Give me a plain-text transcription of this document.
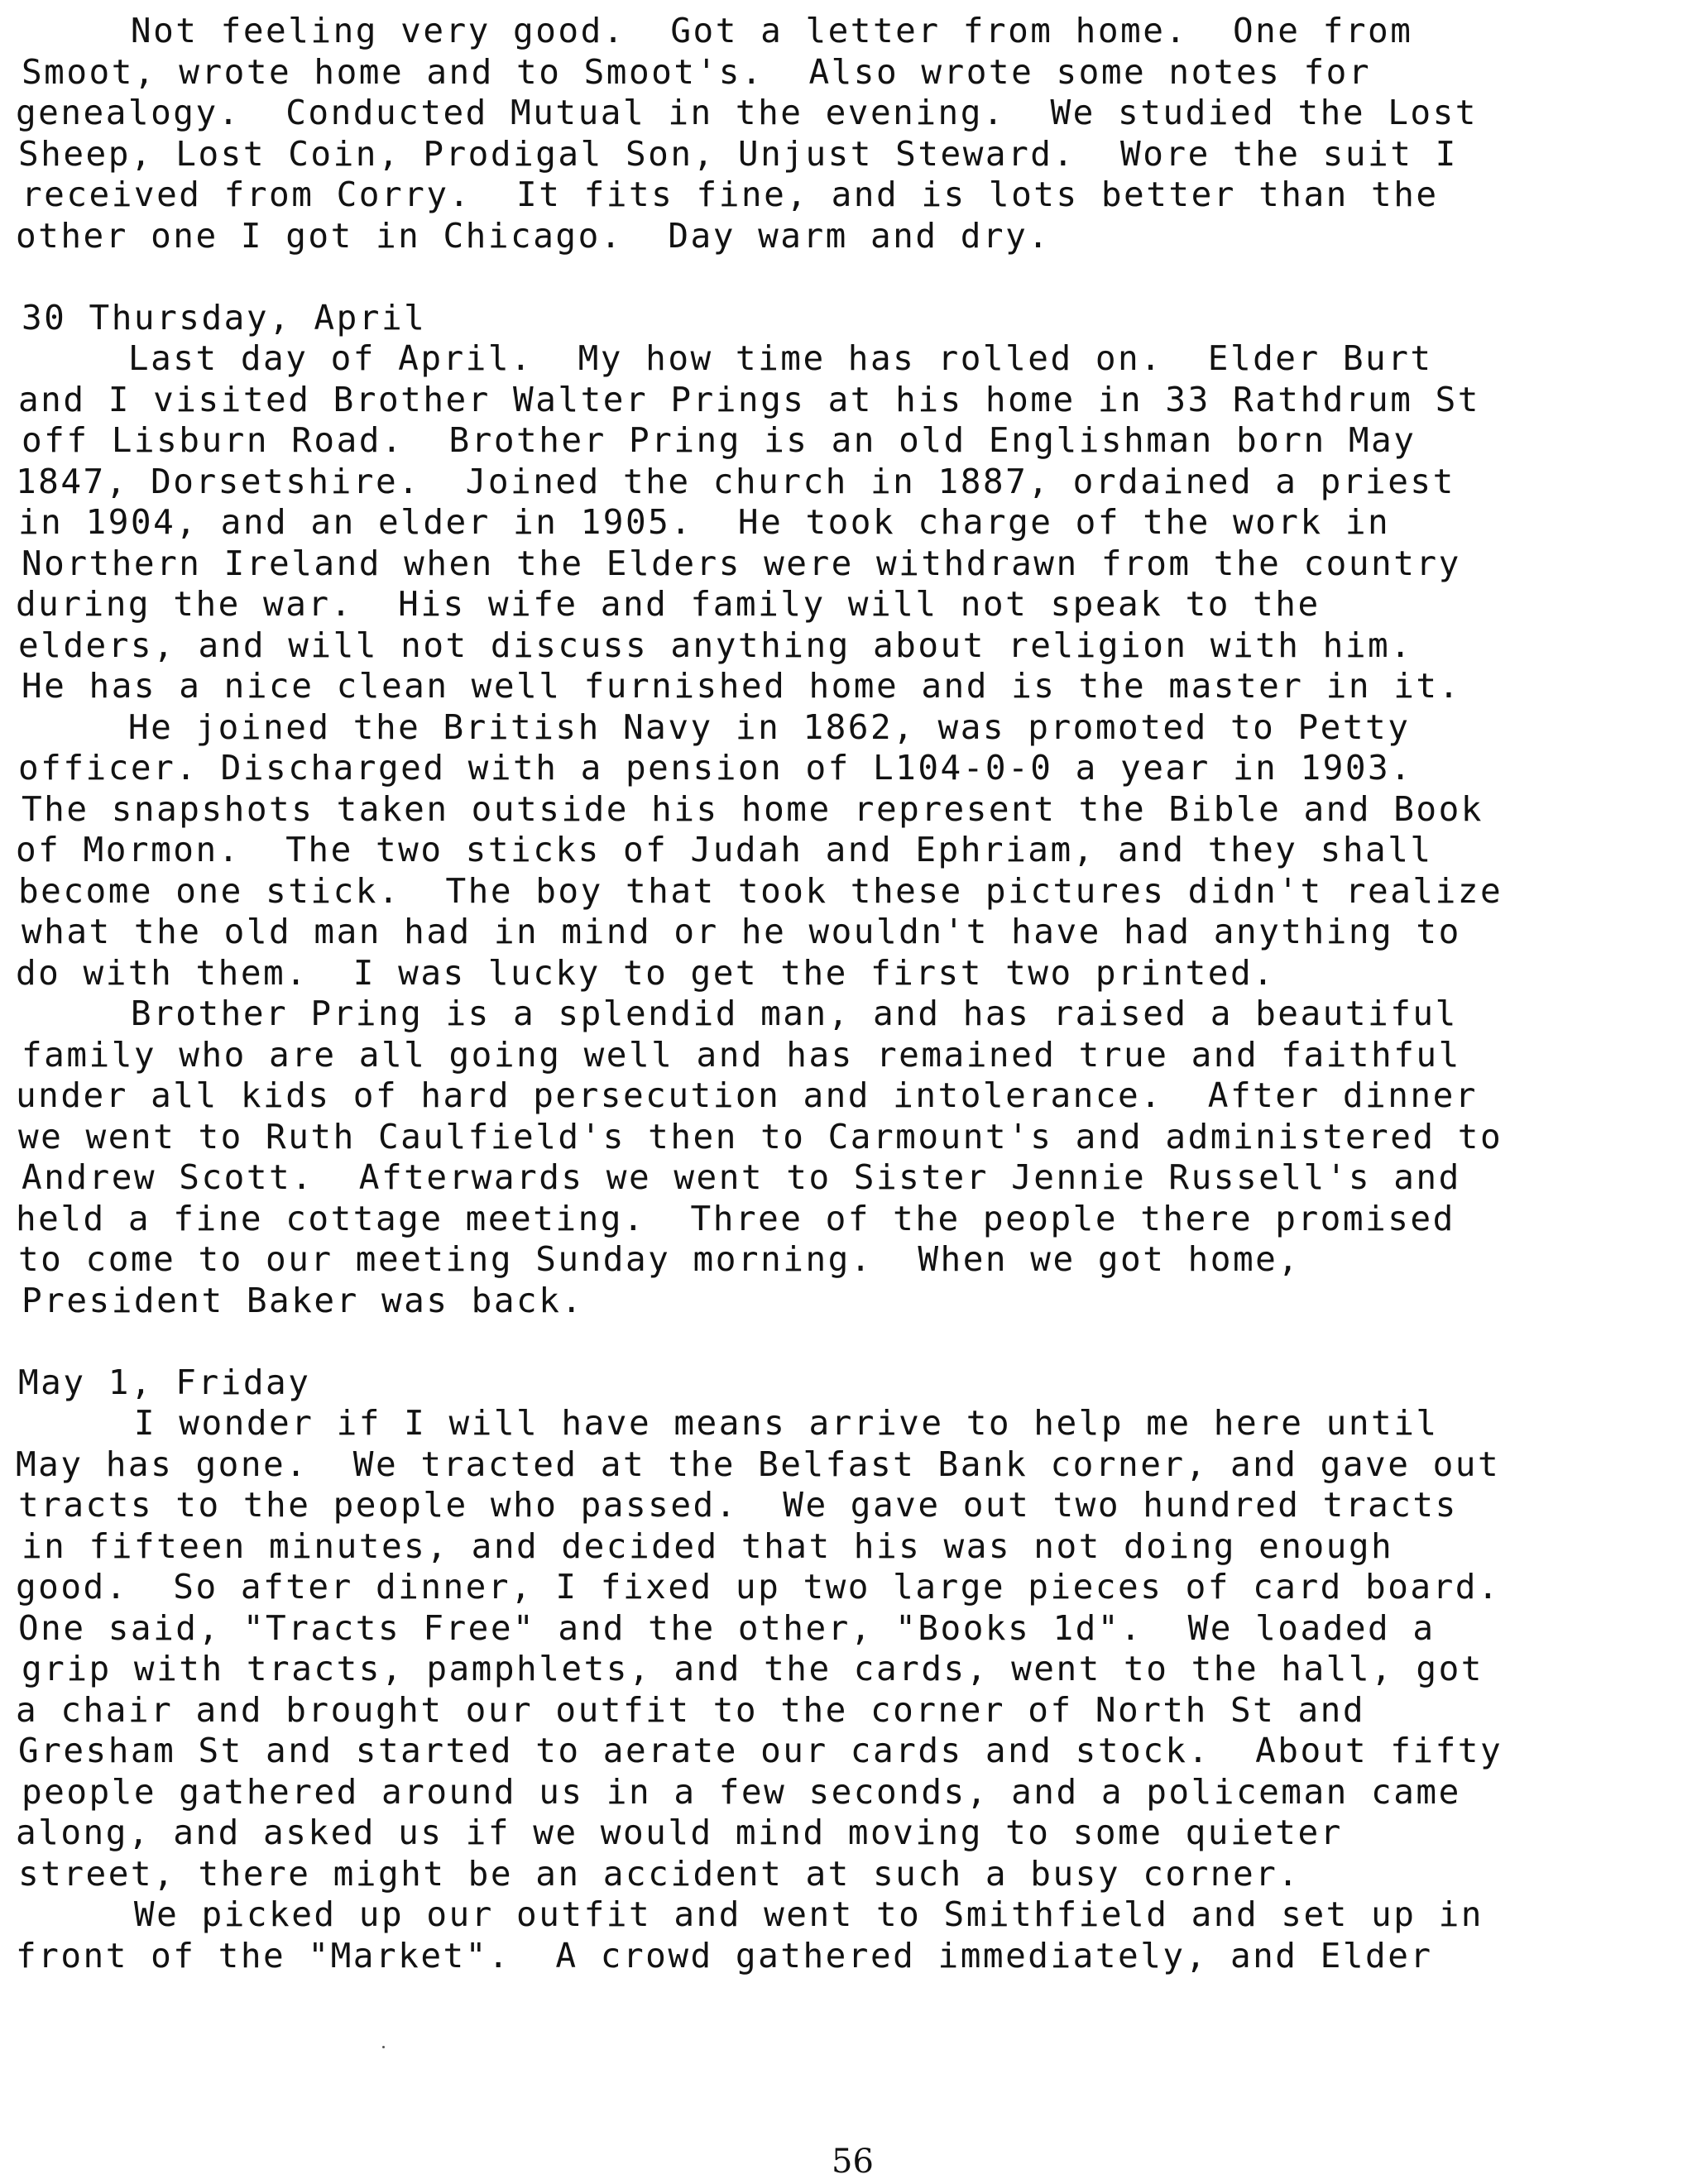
Not feeling very good.  Got a letter from home.  One from
Smoot, wrote home and to Smoot's.  Also wrote some notes for
genealogy.  Conducted Mutual in the evening.  We studied the Lost
Sheep, Lost Coin, Prodigal Son, Unjust Steward.  Wore the suit I
received from Corry.  It fits fine, and is lots better than the
other one I got in Chicago.  Day warm and dry.
30 Thursday, April
Last day of April.  My how time has rolled on.  Elder Burt
and I visited Brother Walter Prings at his home in 33 Rathdrum St
off Lisburn Road.  Brother Pring is an old Englishman born May
1847, Dorsetshire.  Joined the church in 1887, ordained a priest
in 1904, and an elder in 1905.  He took charge of the work in
Northern Ireland when the Elders were withdrawn from the country
during the war.  His wife and family will not speak to the
elders, and will not discuss anything about religion with him.
He has a nice clean well furnished home and is the master in it.
He joined the British Navy in 1862, was promoted to Petty
officer. Discharged with a pension of L104-0-0 a year in 1903.
The snapshots taken outside his home represent the Bible and Book
of Mormon.  The two sticks of Judah and Ephriam, and they shall
become one stick.  The boy that took these pictures didn't realize
what the old man had in mind or he wouldn't have had anything to
do with them.  I was lucky to get the first two printed.
Brother Pring is a splendid man, and has raised a beautiful
family who are all going well and has remained true and faithful
under all kids of hard persecution and intolerance.  After dinner
we went to Ruth Caulfield's then to Carmount's and administered to
Andrew Scott.  Afterwards we went to Sister Jennie Russell's and
held a fine cottage meeting.  Three of the people there promised
to come to our meeting Sunday morning.  When we got home,
President Baker was back.
May 1, Friday
I wonder if I will have means arrive to help me here until
May has gone.  We tracted at the Belfast Bank corner, and gave out
tracts to the people who passed.  We gave out two hundred tracts
in fifteen minutes, and decided that his was not doing enough
good.  So after dinner, I fixed up two large pieces of card board.
One said, "Tracts Free" and the other, "Books 1d".  We loaded a
grip with tracts, pamphlets, and the cards, went to the hall, got
a chair and brought our outfit to the corner of North St and
Gresham St and started to aerate our cards and stock.  About fifty
people gathered around us in a few seconds, and a policeman came
along, and asked us if we would mind moving to some quieter
street, there might be an accident at such a busy corner.
We picked up our outfit and went to Smithfield and set up in
front of the "Market".  A crowd gathered immediately, and Elder
56
